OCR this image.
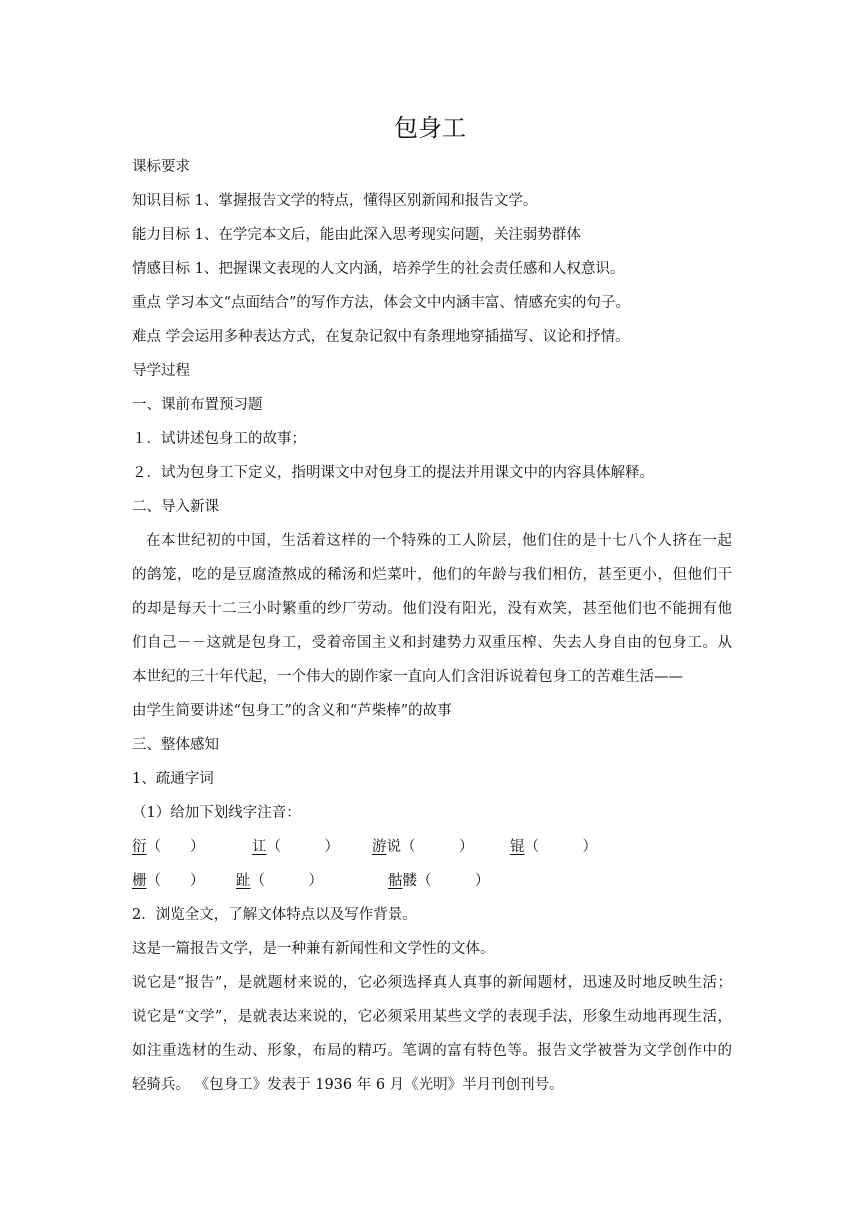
包身工
课标要求
知识目标 1、掌握报告文学的特点，懂得区别新闻和报告文学。
能力目标 1、在学完本文后，能由此深入思考现实问题，关注弱势群体
情感目标 1、把握课文表现的人文内涵，培养学生的社会责任感和人权意识。
重点 学习本文“点面结合”的写作方法，体会文中内涵丰富、情感充实的句子。
难点 学会运用多种表达方式，在复杂记叙中有条理地穿插描写、议论和抒情。
导学过程
一、课前布置预习题
１．试讲述包身工的故事；
２．试为包身工下定义，指明课文中对包身工的提法并用课文中的内容具体解释。
二、导入新课
在本世纪初的中国，生活着这样的一个特殊的工人阶层，他们住的是十七八个人挤在一起
的鸽笼，吃的是豆腐渣熬成的稀汤和烂菜叶，他们的年龄与我们相仿，甚至更小，但他们干
的却是每天十二三小时繁重的纱厂劳动。他们没有阳光，没有欢笑，甚至他们也不能拥有他
们自己－－这就是包身工，受着帝国主义和封建势力双重压榨、失去人身自由的包身工。从
本世纪的三十年代起，一个伟大的剧作家一直向人们含泪诉说着包身工的苦难生活——
由学生简要讲述“包身工”的含义和“芦柴棒”的故事
三、整体感知
1、疏通字词
（1）给加下划线字注音：
衍（　　）	讧（　　　） 游说（　　　）	锟（　　　）
栅（　　） 趾（　　　）	骷髅（　　　）
2．浏览全文，了解文体特点以及写作背景。
这是一篇报告文学，是一种兼有新闻性和文学性的文体。
说它是“报告”，是就题材来说的，它必须选择真人真事的新闻题材，迅速及时地反映生活；
说它是“文学”，是就表达来说的，它必须采用某些文学的表现手法，形象生动地再现生活，
如注重选材的生动、形象，布局的精巧。笔调的富有特色等。报告文学被誉为文学创作中的
轻骑兵。 《包身工》发表于 1936 年 6 月《光明》半月刊创刊号。
